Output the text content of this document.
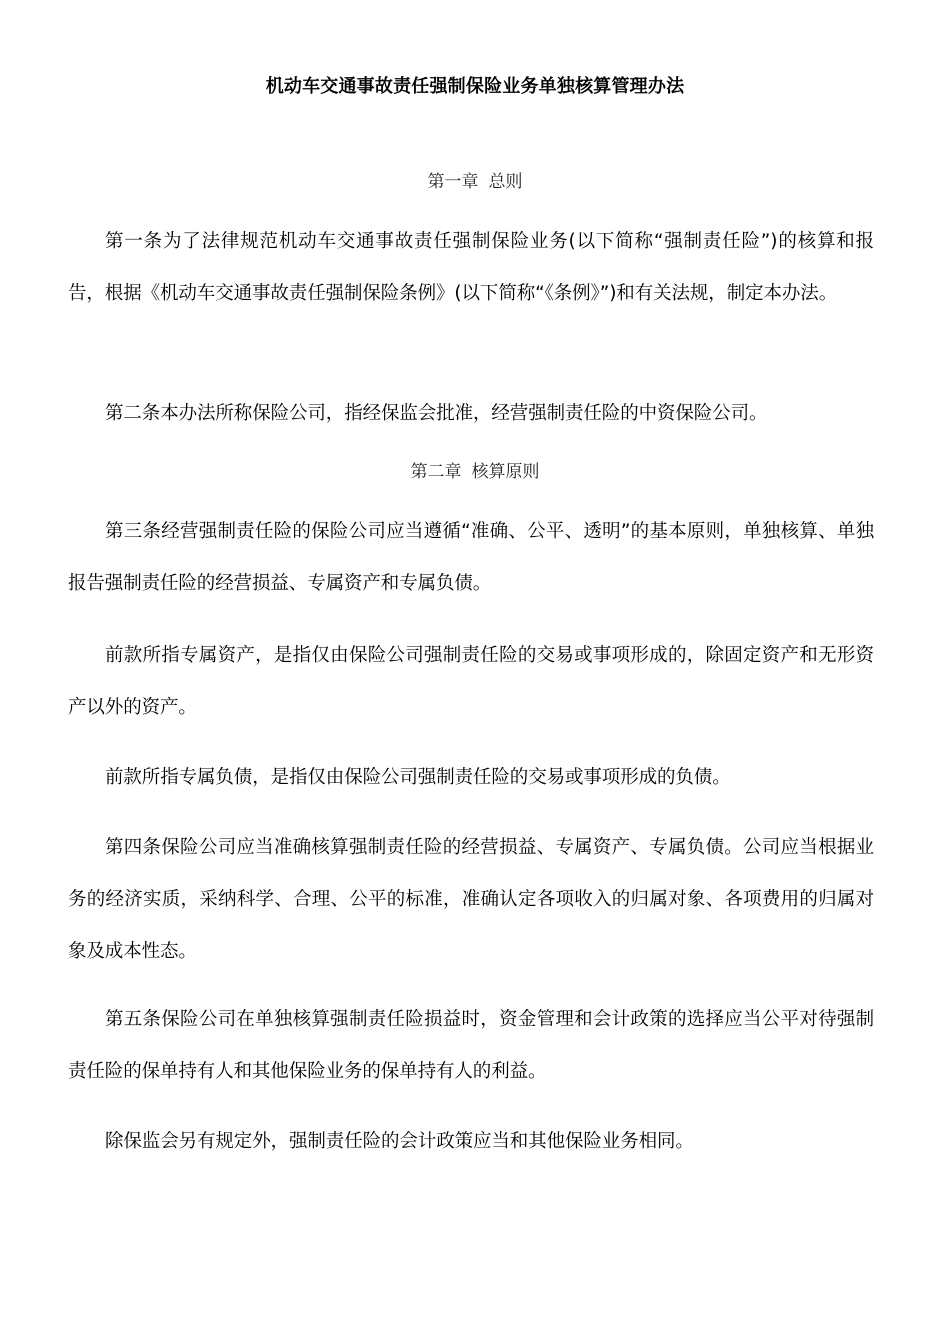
机动车交通事故责任强制保险业务单独核算管理办法
第一章 总则
第一条为了法律规范机动车交通事故责任强制保险业务(以下简称“强制责任险”)的核算和报告，根据《机动车交通事故责任强制保险条例》(以下简称“《条例》”)和有关法规，制定本办法。
第二条本办法所称保险公司，指经保监会批准，经营强制责任险的中资保险公司。
第二章 核算原则
第三条经营强制责任险的保险公司应当遵循“准确、公平、透明”的基本原则，单独核算、单独报告强制责任险的经营损益、专属资产和专属负债。
前款所指专属资产，是指仅由保险公司强制责任险的交易或事项形成的，除固定资产和无形资产以外的资产。
前款所指专属负债，是指仅由保险公司强制责任险的交易或事项形成的负债。
第四条保险公司应当准确核算强制责任险的经营损益、专属资产、专属负债。公司应当根据业务的经济实质，采纳科学、合理、公平的标准，准确认定各项收入的归属对象、各项费用的归属对象及成本性态。
第五条保险公司在单独核算强制责任险损益时，资金管理和会计政策的选择应当公平对待强制责任险的保单持有人和其他保险业务的保单持有人的利益。
除保监会另有规定外，强制责任险的会计政策应当和其他保险业务相同。
